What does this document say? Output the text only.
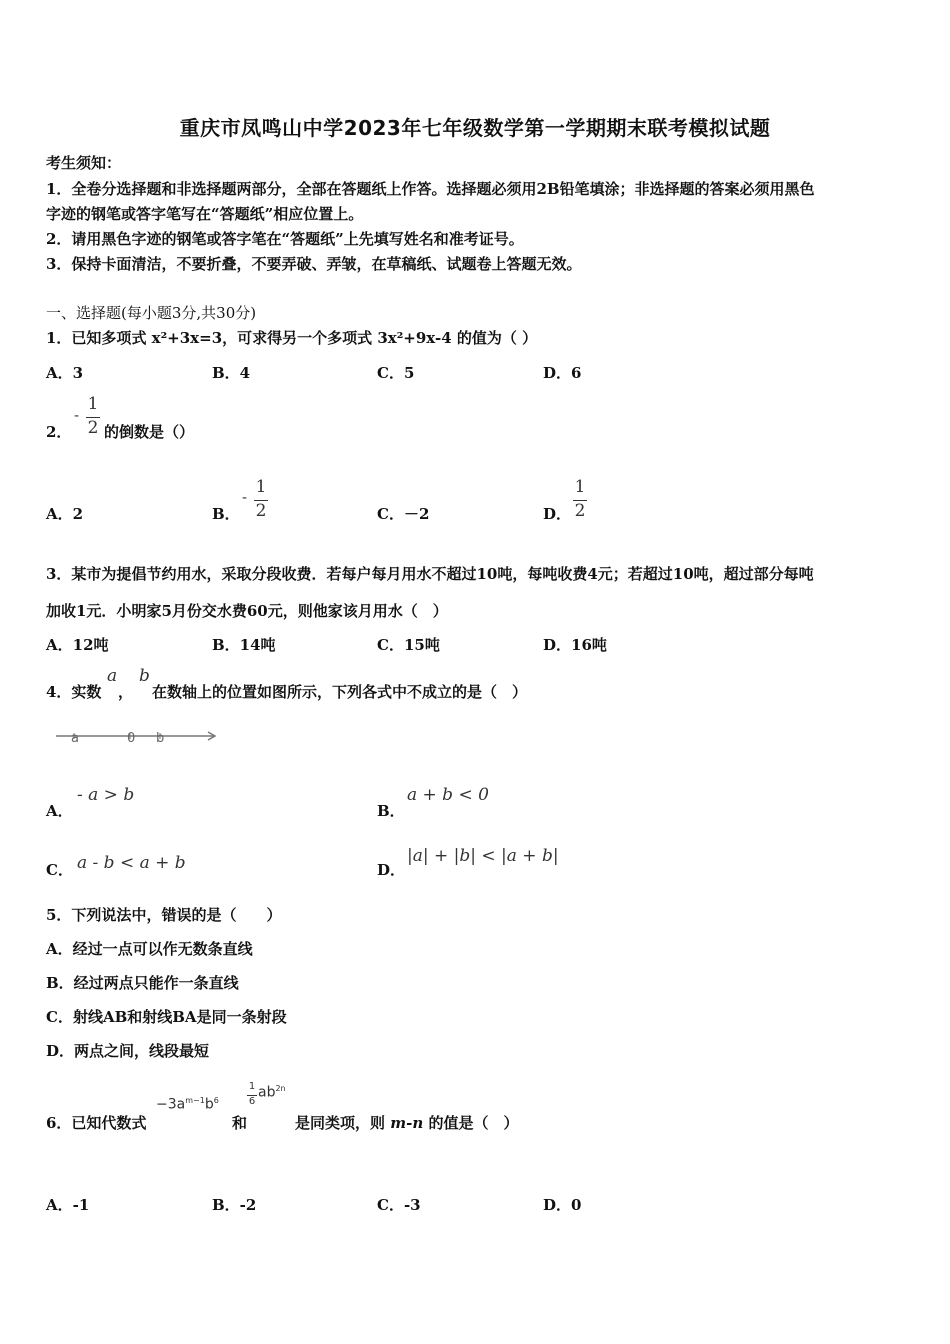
重庆市凤鸣山中学2023年七年级数学第一学期期末联考模拟试题
考生须知：
1．全卷分选择题和非选择题两部分，全部在答题纸上作答。选择题必须用2B铅笔填涂；非选择题的答案必须用黑色
字迹的钢笔或答字笔写在“答题纸”相应位置上。
2．请用黑色字迹的钢笔或答字笔在“答题纸”上先填写姓名和准考证号。
3．保持卡面清洁，不要折叠，不要弄破、弄皱，在草稿纸、试题卷上答题无效。
一、选择题(每小题3分,共30分)
1．已知多项式 x²+3x=3，可求得另一个多项式 3x²+9x-4 的值为（ ）
A．3	B．4	C．5	D．6
2．
-
1
2 的倒数是（）
A．2	B．
- 1
2	C．－2	D．
1
2
3．某市为提倡节约用水，采取分段收费．若每户每月用水不超过10吨，每吨收费4元；若超过10吨，超过部分每吨
加收1元．小明家5月份交水费60元，则他家该月用水（　）
A．12吨	B．14吨	C．15吨	D．16吨
4．实数
a
，
b
在数轴上的位置如图所示，下列各式中不成立的是（　）
a	0 b
A．
- a > b
B．
a + b < 0
C． a - b < a + b	D．
|a| + |b| < |a + b|
5．下列说法中，错误的是（　　）
A．经过一点可以作无数条直线
B．经过两点只能作一条直线
C．射线AB和射线BA是同一条射段
D．两点之间，线段最短
6．已知代数式
$-3a^{m-1}b^6$
和
1
6
$ab^{2n}$
是同类项，则 m-n 的值是（　）
A．-1	B．-2	C．-3	D．0
